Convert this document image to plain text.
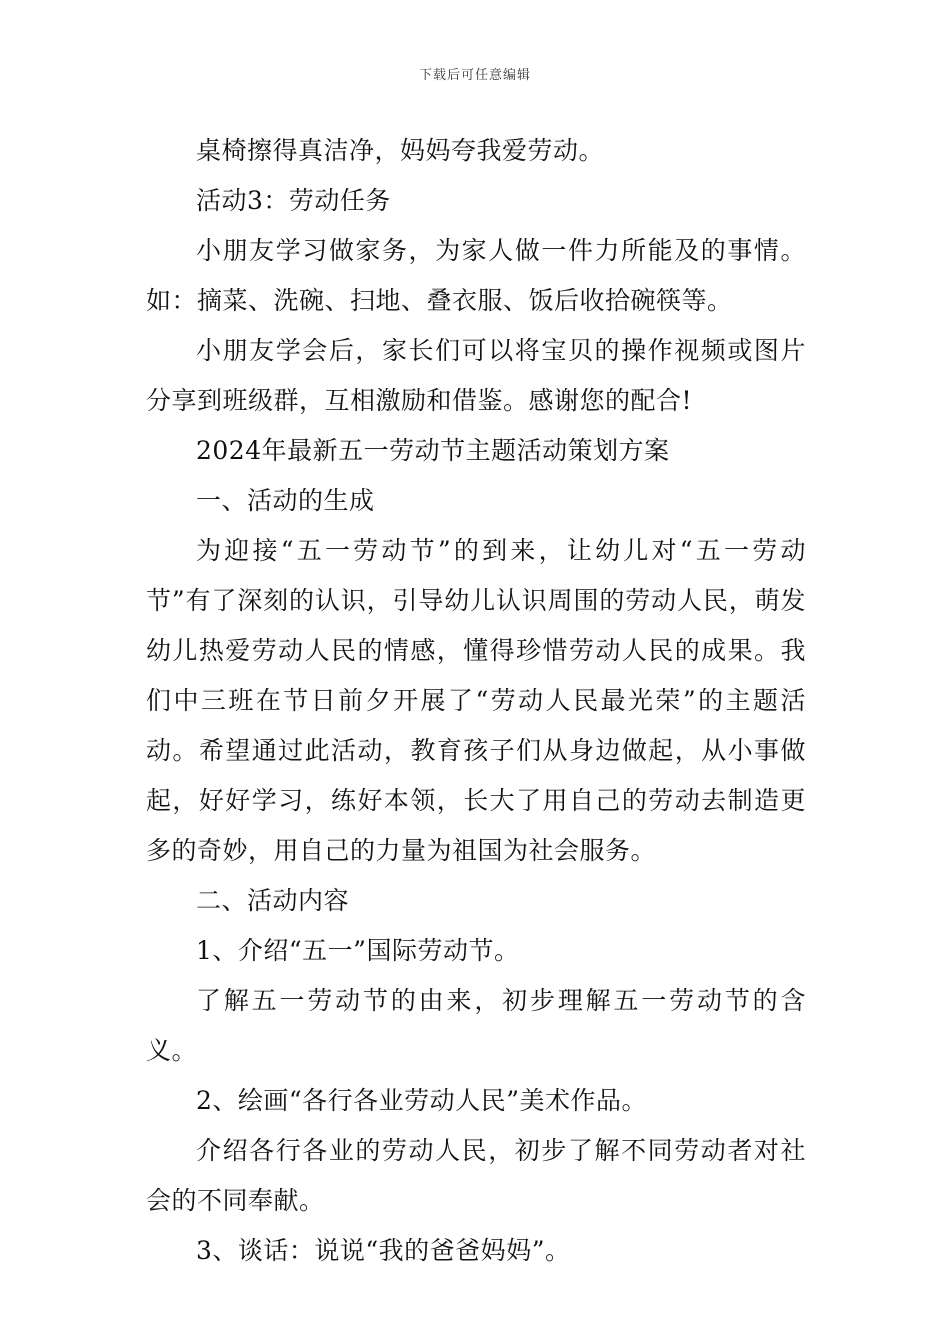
下载后可任意编辑

桌椅擦得真洁净，妈妈夸我爱劳动。

活动3：劳动任务

小朋友学习做家务，为家人做一件力所能及的事情。如：摘菜、洗碗、扫地、叠衣服、饭后收拾碗筷等。

小朋友学会后，家长们可以将宝贝的操作视频或图片分享到班级群，互相激励和借鉴。感谢您的配合!

2024年最新五一劳动节主题活动策划方案

一、活动的生成

为迎接“五一劳动节”的到来，让幼儿对“五一劳动节”有了深刻的认识，引导幼儿认识周围的劳动人民，萌发幼儿热爱劳动人民的情感，懂得珍惜劳动人民的成果。我们中三班在节日前夕开展了“劳动人民最光荣”的主题活动。希望通过此活动，教育孩子们从身边做起，从小事做起，好好学习，练好本领，长大了用自己的劳动去制造更多的奇妙，用自己的力量为祖国为社会服务。

二、活动内容

1、介绍“五一”国际劳动节。

了解五一劳动节的由来，初步理解五一劳动节的含义。

2、绘画“各行各业劳动人民”美术作品。

介绍各行各业的劳动人民，初步了解不同劳动者对社会的不同奉献。

3、谈话：说说“我的爸爸妈妈”。
